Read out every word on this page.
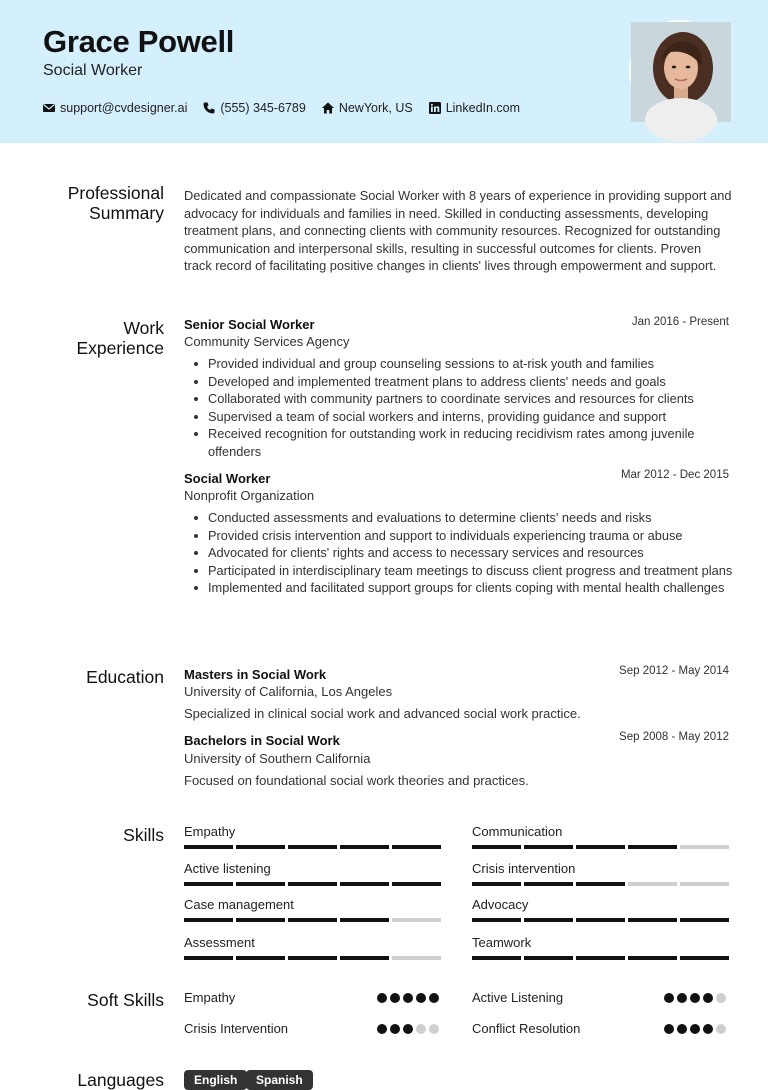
Grace Powell
Social Worker
support@cvdesigner.ai	(555) 345-6789	NewYork, US	LinkedIn.com
Professional Summary
Dedicated and compassionate Social Worker with 8 years of experience in providing support and advocacy for individuals and families in need. Skilled in conducting assessments, developing treatment plans, and connecting clients with community resources. Recognized for outstanding communication and interpersonal skills, resulting in successful outcomes for clients. Proven track record of facilitating positive changes in clients' lives through empowerment and support.
Work Experience
Senior Social Worker	Jan 2016 - Present
Community Services Agency
Provided individual and group counseling sessions to at-risk youth and families
Developed and implemented treatment plans to address clients' needs and goals
Collaborated with community partners to coordinate services and resources for clients
Supervised a team of social workers and interns, providing guidance and support
Received recognition for outstanding work in reducing recidivism rates among juvenile offenders
Social Worker	Mar 2012 - Dec 2015
Nonprofit Organization
Conducted assessments and evaluations to determine clients' needs and risks
Provided crisis intervention and support to individuals experiencing trauma or abuse
Advocated for clients' rights and access to necessary services and resources
Participated in interdisciplinary team meetings to discuss client progress and treatment plans
Implemented and facilitated support groups for clients coping with mental health challenges
Education Masters in Social Work	Sep 2012 - May 2014
University of California, Los Angeles
Specialized in clinical social work and advanced social work practice.
Bachelors in Social Work	Sep 2008 - May 2012
University of Southern California
Focused on foundational social work theories and practices.
Skills Empathy	Communication
Active listening	Crisis intervention
Case management	Advocacy
Assessment	Teamwork
Soft Skills Empathy	Active Listening
Crisis Intervention	Conflict Resolution
Languages	English	Spanish
